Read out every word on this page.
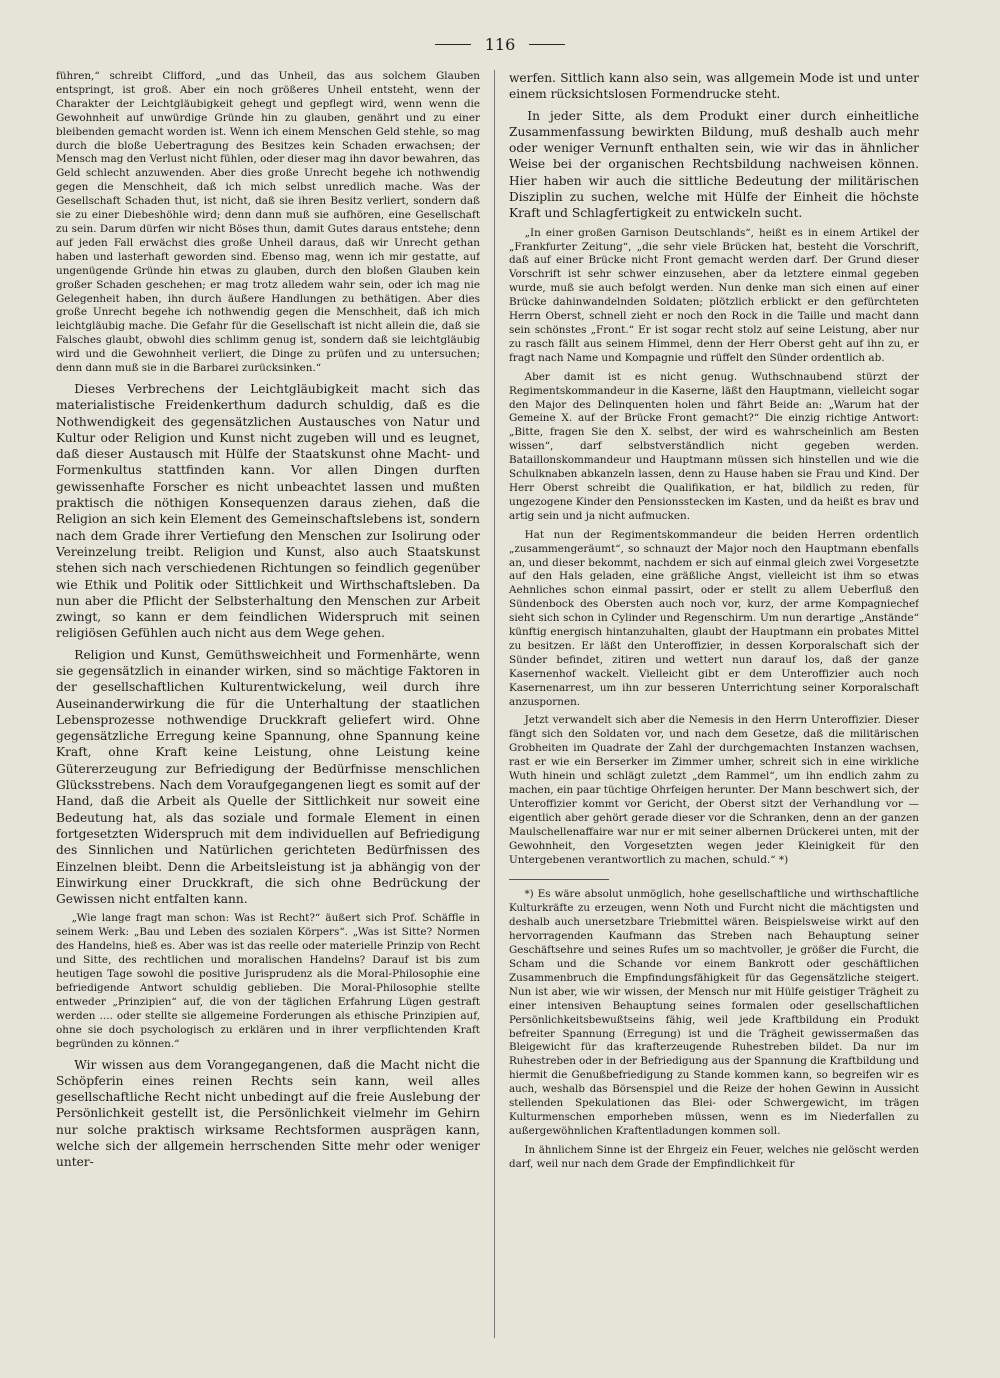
116

führen,“ schreibt Clifford, „und das Unheil, das aus solchem Glauben entspringt, ist groß. Aber ein noch größeres Unheil entsteht, wenn der Charakter der Leichtgläubigkeit gehegt und gepflegt wird, wenn wenn die Gewohnheit auf unwürdige Gründe hin zu glauben, genährt und zu einer bleibenden gemacht worden ist. Wenn ich einem Menschen Geld stehle, so mag durch die bloße Uebertragung des Besitzes kein Schaden erwachsen; der Mensch mag den Verlust nicht fühlen, oder dieser mag ihn davor bewahren, das Geld schlecht anzuwenden. Aber dies große Unrecht begehe ich nothwendig gegen die Menschheit, daß ich mich selbst unredlich mache. Was der Gesellschaft Schaden thut, ist nicht, daß sie ihren Besitz verliert, sondern daß sie zu einer Diebeshöhle wird; denn dann muß sie aufhören, eine Gesellschaft zu sein. Darum dürfen wir nicht Böses thun, damit Gutes daraus entstehe; denn auf jeden Fall erwächst dies große Unheil daraus, daß wir Unrecht gethan haben und lasterhaft geworden sind. Ebenso mag, wenn ich mir gestatte, auf ungenügende Gründe hin etwas zu glauben, durch den bloßen Glauben kein großer Schaden geschehen; er mag trotz alledem wahr sein, oder ich mag nie Gelegenheit haben, ihn durch äußere Handlungen zu bethätigen. Aber dies große Unrecht begehe ich nothwendig gegen die Menschheit, daß ich mich leichtgläubig mache. Die Gefahr für die Gesellschaft ist nicht allein die, daß sie Falsches glaubt, obwohl dies schlimm genug ist, sondern daß sie leichtgläubig wird und die Gewohnheit verliert, die Dinge zu prüfen und zu untersuchen; denn dann muß sie in die Barbarei zurücksinken.“

Dieses Verbrechens der Leichtgläubigkeit macht sich das materialistische Freidenkerthum dadurch schuldig, daß es die Nothwendigkeit des gegensätzlichen Austausches von Natur und Kultur oder Religion und Kunst nicht zugeben will und es leugnet, daß dieser Austausch mit Hülfe der Staatskunst ohne Macht- und Formenkultus stattfinden kann. Vor allen Dingen durften gewissenhafte Forscher es nicht unbeachtet lassen und mußten praktisch die nöthigen Konsequenzen daraus ziehen, daß die Religion an sich kein Element des Gemeinschaftslebens ist, sondern nach dem Grade ihrer Vertiefung den Menschen zur Isolirung oder Vereinzelung treibt. Religion und Kunst, also auch Staatskunst stehen sich nach verschiedenen Richtungen so feindlich gegenüber wie Ethik und Politik oder Sittlichkeit und Wirthschaftsleben. Da nun aber die Pflicht der Selbsterhaltung den Menschen zur Arbeit zwingt, so kann er dem feindlichen Widerspruch mit seinen religiösen Gefühlen auch nicht aus dem Wege gehen.

Religion und Kunst, Gemüthsweichheit und Formenhärte, wenn sie gegensätzlich in einander wirken, sind so mächtige Faktoren in der gesellschaftlichen Kulturentwickelung, weil durch ihre Auseinanderwirkung die für die Unterhaltung der staatlichen Lebensprozesse nothwendige Druckkraft geliefert wird. Ohne gegensätzliche Erregung keine Spannung, ohne Spannung keine Kraft, ohne Kraft keine Leistung, ohne Leistung keine Gütererzeugung zur Befriedigung der Bedürfnisse menschlichen Glücksstrebens. Nach dem Voraufgegangenen liegt es somit auf der Hand, daß die Arbeit als Quelle der Sittlichkeit nur soweit eine Bedeutung hat, als das soziale und formale Element in einen fortgesetzten Widerspruch mit dem individuellen auf Befriedigung des Sinnlichen und Natürlichen gerichteten Bedürfnissen des Einzelnen bleibt. Denn die Arbeitsleistung ist ja abhängig von der Einwirkung einer Druckkraft, die sich ohne Bedrückung der Gewissen nicht entfalten kann.

„Wie lange fragt man schon: Was ist Recht?“ äußert sich Prof. Schäffle in seinem Werk: „Bau und Leben des sozialen Körpers“. „Was ist Sitte? Normen des Handelns, hieß es. Aber was ist das reelle oder materielle Prinzip von Recht und Sitte, des rechtlichen und moralischen Handelns? Darauf ist bis zum heutigen Tage sowohl die positive Jurisprudenz als die Moral-Philosophie eine befriedigende Antwort schuldig geblieben. Die Moral-Philosophie stellte entweder „Prinzipien“ auf, die von der täglichen Erfahrung Lügen gestraft werden .... oder stellte sie allgemeine Forderungen als ethische Prinzipien auf, ohne sie doch psychologisch zu erklären und in ihrer verpflichtenden Kraft begründen zu können.“

Wir wissen aus dem Vorangegangenen, daß die Macht nicht die Schöpferin eines reinen Rechts sein kann, weil alles gesellschaftliche Recht nicht unbedingt auf die freie Auslebung der Persönlichkeit gestellt ist, die Persönlichkeit vielmehr im Gehirn nur solche praktisch wirksame Rechtsformen ausprägen kann, welche sich der allgemein herrschenden Sitte mehr oder weniger unter-

werfen. Sittlich kann also sein, was allgemein Mode ist und unter einem rücksichtslosen Formendrucke steht.

In jeder Sitte, als dem Produkt einer durch einheitliche Zusammenfassung bewirkten Bildung, muß deshalb auch mehr oder weniger Vernunft enthalten sein, wie wir das in ähnlicher Weise bei der organischen Rechtsbildung nachweisen können. Hier haben wir auch die sittliche Bedeutung der militärischen Disziplin zu suchen, welche mit Hülfe der Einheit die höchste Kraft und Schlagfertigkeit zu entwickeln sucht.

„In einer großen Garnison Deutschlands“, heißt es in einem Artikel der „Frankfurter Zeitung“, „die sehr viele Brücken hat, besteht die Vorschrift, daß auf einer Brücke nicht Front gemacht werden darf. Der Grund dieser Vorschrift ist sehr schwer einzusehen, aber da letztere einmal gegeben wurde, muß sie auch befolgt werden. Nun denke man sich einen auf einer Brücke dahinwandelnden Soldaten; plötzlich erblickt er den gefürchteten Herrn Oberst, schnell zieht er noch den Rock in die Taille und macht dann sein schönstes „Front.“ Er ist sogar recht stolz auf seine Leistung, aber nur zu rasch fällt aus seinem Himmel, denn der Herr Oberst geht auf ihn zu, er fragt nach Name und Kompagnie und rüffelt den Sünder ordentlich ab.

Aber damit ist es nicht genug. Wuthschnaubend stürzt der Regimentskommandeur in die Kaserne, läßt den Hauptmann, vielleicht sogar den Major des Delinquenten holen und fährt Beide an: „Warum hat der Gemeine X. auf der Brücke Front gemacht?“ Die einzig richtige Antwort: „Bitte, fragen Sie den X. selbst, der wird es wahrscheinlich am Besten wissen“, darf selbstverständlich nicht gegeben werden. Bataillonskommandeur und Hauptmann müssen sich hinstellen und wie die Schulknaben abkanzeln lassen, denn zu Hause haben sie Frau und Kind. Der Herr Oberst schreibt die Qualifikation, er hat, bildlich zu reden, für ungezogene Kinder den Pensionsstecken im Kasten, und da heißt es brav und artig sein und ja nicht aufmucken.

Hat nun der Regimentskommandeur die beiden Herren ordentlich „zusammengeräumt“, so schnauzt der Major noch den Hauptmann ebenfalls an, und dieser bekommt, nachdem er sich auf einmal gleich zwei Vorgesetzte auf den Hals geladen, eine gräßliche Angst, vielleicht ist ihm so etwas Aehnliches schon einmal passirt, oder er stellt zu allem Ueberfluß den Sündenbock des Obersten auch noch vor, kurz, der arme Kompagniechef sieht sich schon in Cylinder und Regenschirm. Um nun derartige „Anstände“ künftig energisch hintanzuhalten, glaubt der Hauptmann ein probates Mittel zu besitzen. Er läßt den Unteroffizier, in dessen Korporalschaft sich der Sünder befindet, zitiren und wettert nun darauf los, daß der ganze Kasernenhof wackelt. Vielleicht gibt er dem Unteroffizier auch noch Kasernenarrest, um ihn zur besseren Unterrichtung seiner Korporalschaft anzuspornen.

Jetzt verwandelt sich aber die Nemesis in den Herrn Unteroffizier. Dieser fängt sich den Soldaten vor, und nach dem Gesetze, daß die militärischen Grobheiten im Quadrate der Zahl der durchgemachten Instanzen wachsen, rast er wie ein Berserker im Zimmer umher, schreit sich in eine wirkliche Wuth hinein und schlägt zuletzt „dem Rammel“, um ihn endlich zahm zu machen, ein paar tüchtige Ohrfeigen herunter. Der Mann beschwert sich, der Unteroffizier kommt vor Gericht, der Oberst sitzt der Verhandlung vor — eigentlich aber gehört gerade dieser vor die Schranken, denn an der ganzen Maulschellenaffaire war nur er mit seiner albernen Drückerei unten, mit der Gewohnheit, den Vorgesetzten wegen jeder Kleinigkeit für den Untergebenen verantwortlich zu machen, schuld.“ *)

*) Es wäre absolut unmöglich, hohe gesellschaftliche und wirthschaftliche Kulturkräfte zu erzeugen, wenn Noth und Furcht nicht die mächtigsten und deshalb auch unersetzbare Triebmittel wären. Beispielsweise wirkt auf den hervorragenden Kaufmann das Streben nach Behauptung seiner Geschäftsehre und seines Rufes um so machtvoller, je größer die Furcht, die Scham und die Schande vor einem Bankrott oder geschäftlichen Zusammenbruch die Empfindungsfähigkeit für das Gegensätzliche steigert. Nun ist aber, wie wir wissen, der Mensch nur mit Hülfe geistiger Trägheit zu einer intensiven Behauptung seines formalen oder gesellschaftlichen Persönlichkeitsbewußtseins fähig, weil jede Kraftbildung ein Produkt befreiter Spannung (Erregung) ist und die Trägheit gewissermaßen das Bleigewicht für das krafterzeugende Ruhestreben bildet. Da nur im Ruhestreben oder in der Befriedigung aus der Spannung die Kraftbildung und hiermit die Genußbefriedigung zu Stande kommen kann, so begreifen wir es auch, weshalb das Börsenspiel und die Reize der hohen Gewinn in Aussicht stellenden Spekulationen das Blei- oder Schwergewicht, im trägen Kulturmenschen emporheben müssen, wenn es im Niederfallen zu außergewöhnlichen Kraftentladungen kommen soll.

In ähnlichem Sinne ist der Ehrgeiz ein Feuer, welches nie gelöscht werden darf, weil nur nach dem Grade der Empfindlichkeit für
